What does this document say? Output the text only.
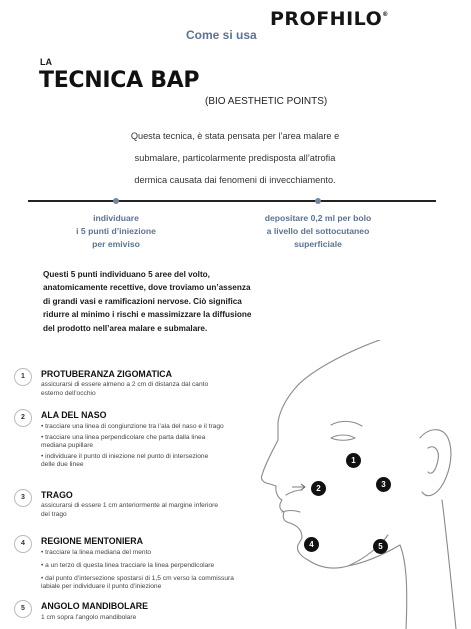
PROFHILO®
Come si usa
LA
TECNICA BAP
(BIO AESTHETIC POINTS)
Questa tecnica, è stata pensata per l’area malare e
submalare, particolarmente predisposta all’atrofia
dermica causata dai fenomeni di invecchiamento.
individuare
i 5 punti d’iniezione
per emiviso
depositare 0,2 ml per bolo
a livello del sottocutaneo
superficiale
Questi 5 punti individuano 5 aree del volto,
anatomicamente recettive, dove troviamo un’assenza
di grandi vasi e ramificazioni nervose. Ciò significa
ridurre al minimo i rischi e massimizzare la diffusione
del prodotto nell’area malare e submalare.
1
2	3
4	5
1	PROTUBERANZA ZIGOMATICA
assicurarsi di essere almeno a 2 cm di distanza dal canto
esterno dell’occhio
2	ALA DEL NASO
• tracciare una linea di congiunzione tra l’ala del naso e il trago
• tracciare una linea perpendicolare che parta dalla linea
mediana pupillare
• individuare il punto di iniezione nel punto di intersezione
delle due linee
3	TRAGO
assicurarsi di essere 1 cm anteriormente al margine inferiore
del trago
4	REGIONE MENTONIERA
• tracciare la linea mediana del mento
• a un terzo di questa linea tracciare la linea perpendicolare
• dal punto d’intersezione spostarsi di 1,5 cm verso la commissura
labiale per individuare il punto d’iniezione
5	ANGOLO MANDIBOLARE
1 cm sopra l’angolo mandibolare
